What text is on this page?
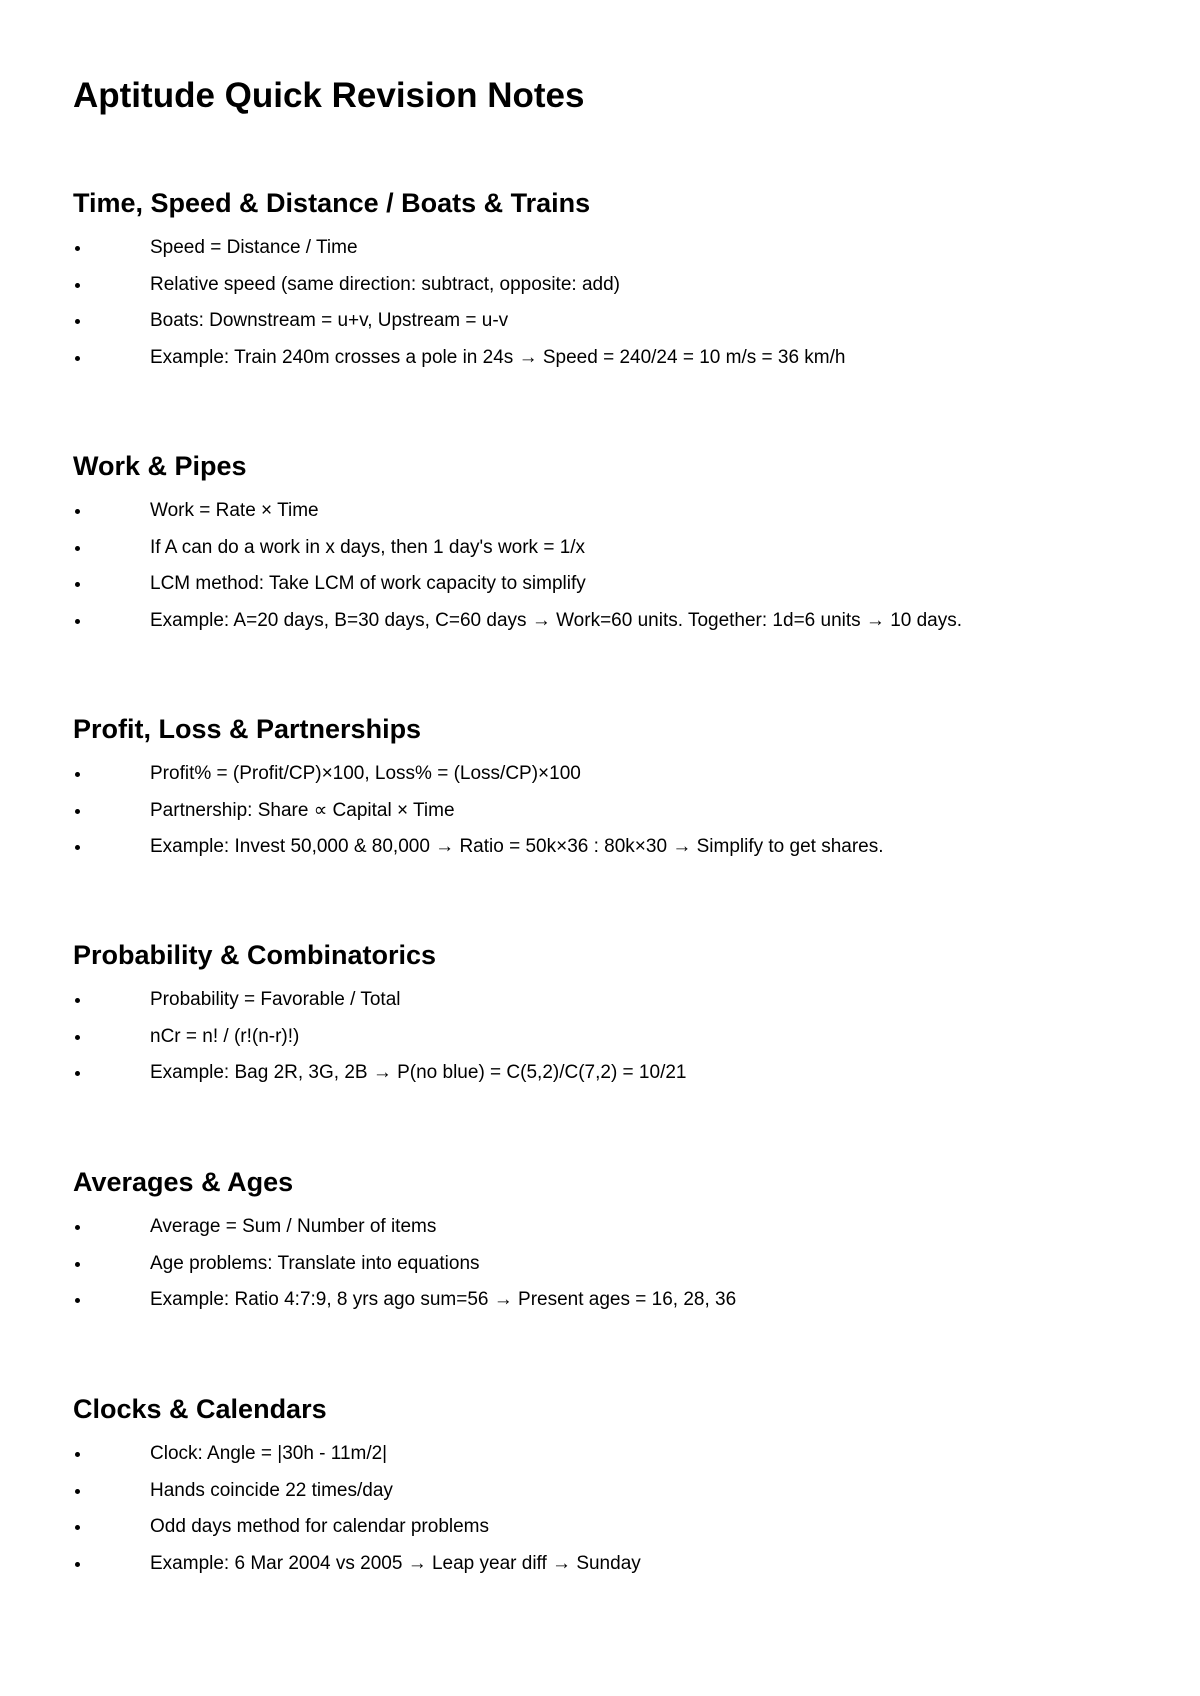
Aptitude Quick Revision Notes
Time, Speed & Distance / Boats & Trains
Speed = Distance / Time
Relative speed (same direction: subtract, opposite: add)
Boats: Downstream = u+v, Upstream = u-v
Example: Train 240m crosses a pole in 24s → Speed = 240/24 = 10 m/s = 36 km/h
Work & Pipes
Work = Rate × Time
If A can do a work in x days, then 1 day's work = 1/x
LCM method: Take LCM of work capacity to simplify
Example: A=20 days, B=30 days, C=60 days → Work=60 units. Together: 1d=6 units → 10 days.
Profit, Loss & Partnerships
Profit% = (Profit/CP)×100, Loss% = (Loss/CP)×100
Partnership: Share ∝ Capital × Time
Example: Invest 50,000 & 80,000 → Ratio = 50k×36 : 80k×30 → Simplify to get shares.
Probability & Combinatorics
Probability = Favorable / Total
nCr = n! / (r!(n-r)!)
Example: Bag 2R, 3G, 2B → P(no blue) = C(5,2)/C(7,2) = 10/21
Averages & Ages
Average = Sum / Number of items
Age problems: Translate into equations
Example: Ratio 4:7:9, 8 yrs ago sum=56 → Present ages = 16, 28, 36
Clocks & Calendars
Clock: Angle = |30h - 11m/2|
Hands coincide 22 times/day
Odd days method for calendar problems
Example: 6 Mar 2004 vs 2005 → Leap year diff → Sunday
